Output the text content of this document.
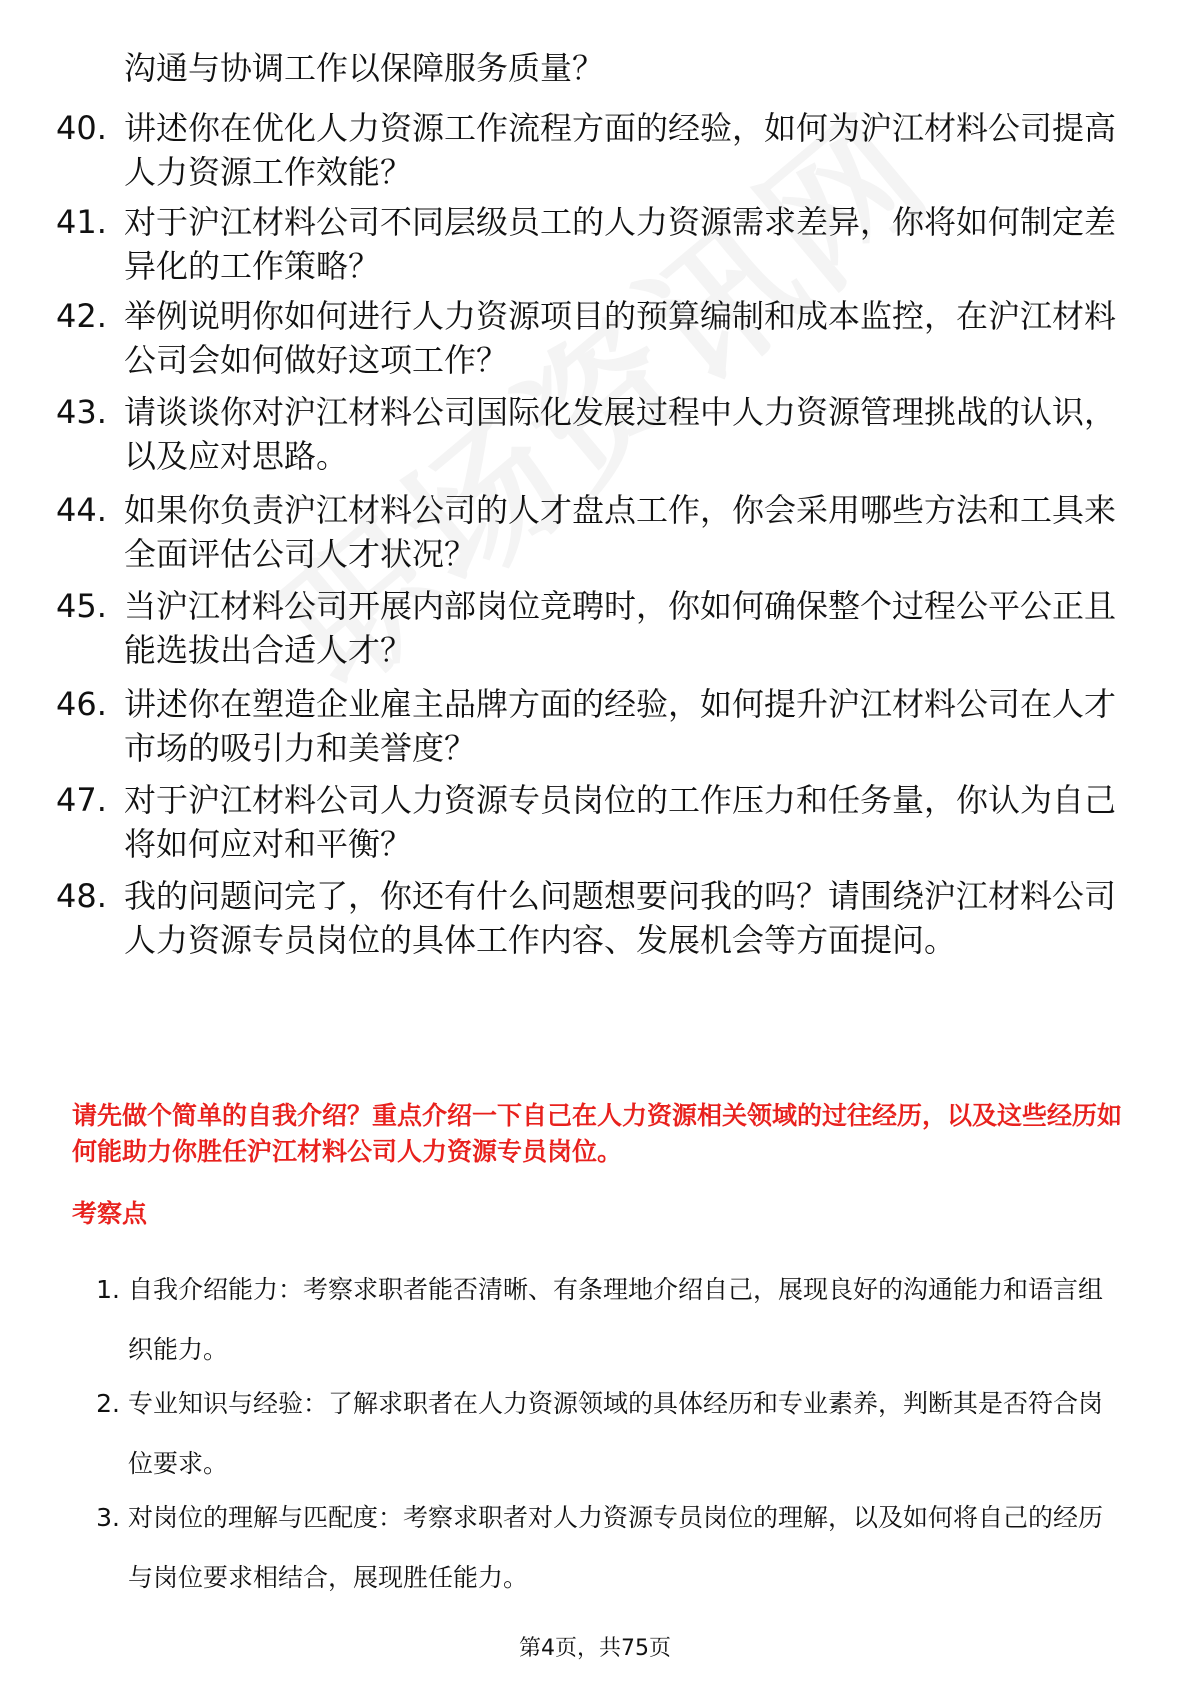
沟通与协调工作以保障服务质量？
40. 讲述你在优化人力资源工作流程方面的经验，如何为沪江材料公司提高人力资源工作效能？
41. 对于沪江材料公司不同层级员工的人力资源需求差异，你将如何制定差异化的工作策略？
42. 举例说明你如何进行人力资源项目的预算编制和成本监控，在沪江材料公司会如何做好这项工作？
43. 请谈谈你对沪江材料公司国际化发展过程中人力资源管理挑战的认识，以及应对思路。
44. 如果你负责沪江材料公司的人才盘点工作，你会采用哪些方法和工具来全面评估公司人才状况？
45. 当沪江材料公司开展内部岗位竞聘时，你如何确保整个过程公平公正且能选拔出合适人才？
46. 讲述你在塑造企业雇主品牌方面的经验，如何提升沪江材料公司在人才市场的吸引力和美誉度？
47. 对于沪江材料公司人力资源专员岗位的工作压力和任务量，你认为自己将如何应对和平衡？
48. 我的问题问完了，你还有什么问题想要问我的吗？请围绕沪江材料公司人力资源专员岗位的具体工作内容、发展机会等方面提问。
请先做个简单的自我介绍？重点介绍一下自己在人力资源相关领域的过往经历，以及这些经历如何能助力你胜任沪江材料公司人力资源专员岗位。
考察点
1. 自我介绍能力：考察求职者能否清晰、有条理地介绍自己，展现良好的沟通能力和语言组织能力。
2. 专业知识与经验：了解求职者在人力资源领域的具体经历和专业素养，判断其是否符合岗位要求。
3. 对岗位的理解与匹配度：考察求职者对人力资源专员岗位的理解，以及如何将自己的经历与岗位要求相结合，展现胜任能力。
第4页，共75页
